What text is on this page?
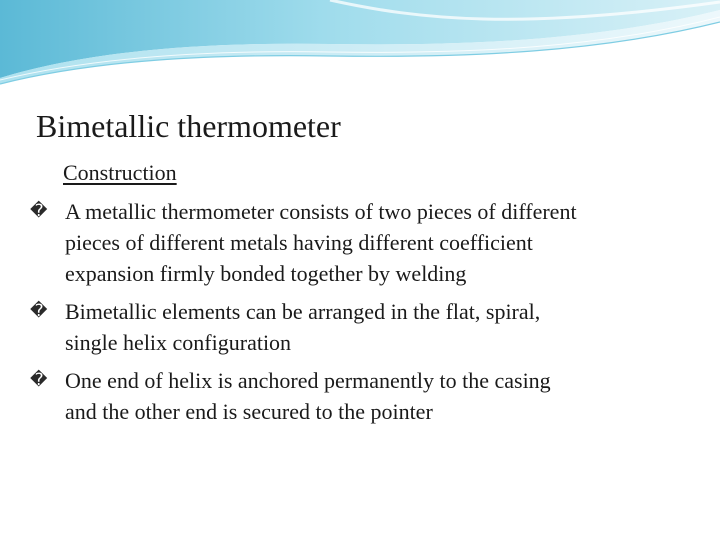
Bimetallic thermometer
Construction
� A metallic thermometer consists of two pieces of different
pieces of different metals having different coefficient
expansion firmly bonded together by welding
� Bimetallic elements can be arranged in the flat, spiral,
single helix configuration
� One end of helix is anchored permanently to the casing
and the other end is secured to the pointer
